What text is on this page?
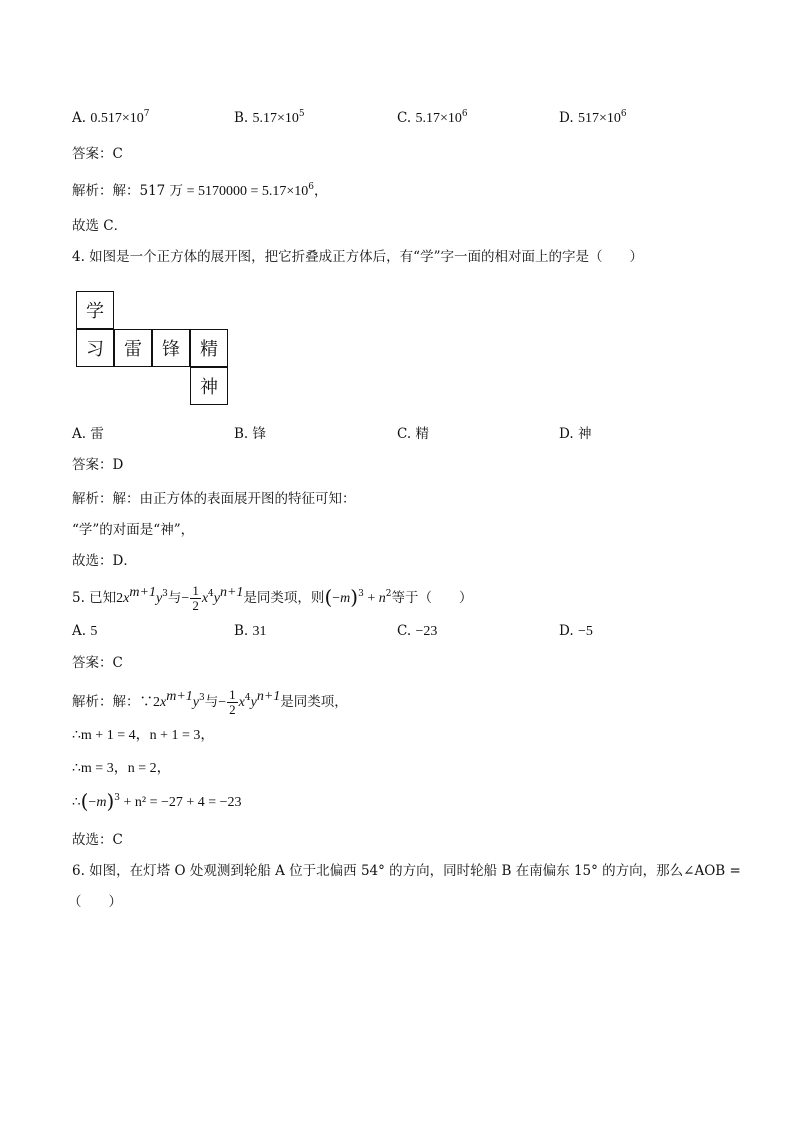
A. $0.517\times 10^7$	B. $5.17\times 10^5$	C. $5.17\times 10^6$	D. $517\times 10^6$
答案：C
解析：解：517 万 = $5170000 = 5.17\times 10^6$，
故选 C．
4. 如图是一个正方体的展开图，把它折叠成正方体后，有“学”字一面的相对面上的字是（　　）
学
习	雷	锋	精
神
A. 雷	B. 锋	C. 精	D. 神
答案：D
解析：解：由正方体的表面展开图的特征可知：
“学”的对面是“神”，
故选：D．
5. 已知$2x^{m+1}y^3$与− $\frac{1}{2} x^4y^{n+1}$是同类项，则$(-m)^3 + n^2$等于（　　）
A. 5	B. 31	C. −23	D. −5
答案：C
解析：解：$\because 2x^{m+1}y^3$与− $\frac{1}{2} x^4y^{n+1}$是同类项，
∴m + 1 = 4，n + 1 = 3，
∴m = 3，n = 2，
$\therefore(-m)^3 + n^2 = -27 + 4 = -23$
故选：C
6. 如图，在灯塔 O 处观测到轮船 A 位于北偏西 54° 的方向，同时轮船 B 在南偏东 15° 的方向，那么∠AOB =
（　　）
